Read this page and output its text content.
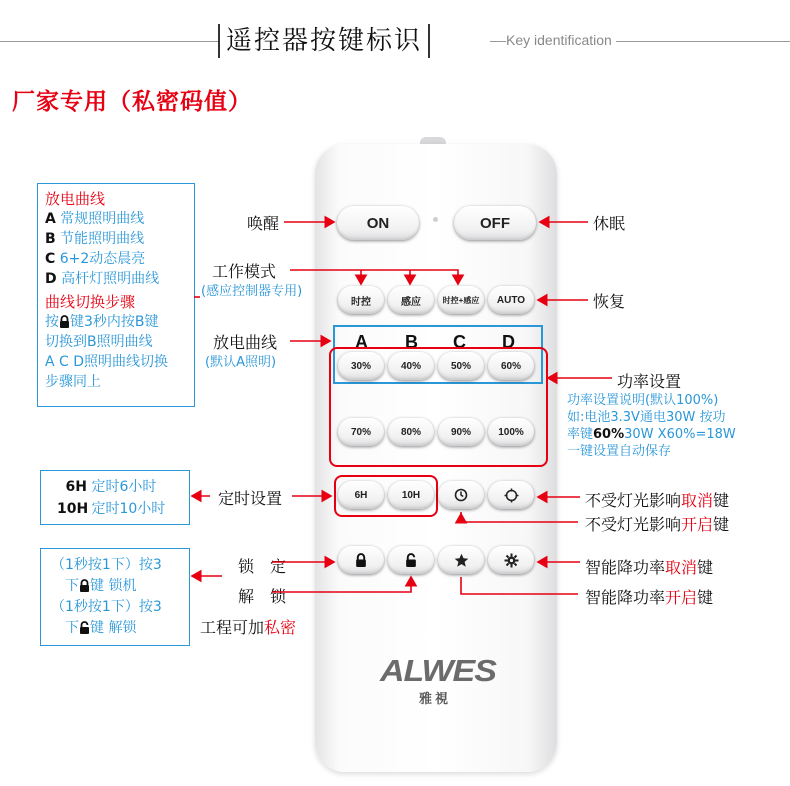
遥控器按键标识	Key identification
厂家专用（私密码值）
放电曲线
A 常规照明曲线
B 节能照明曲线
C 6+2动态晨亮
D 高杆灯照明曲线
曲线切换步骤
按 键3秒内按B键
切换到B照明曲线
A C D照明曲线切换
步骤同上
6H 定时6小时
10H 定时10小时
（1秒按1下）按3
下 键 锁机
（1秒按1下）按3
下 键 解锁
ON	OFF
时控	感应	时控+感应	AUTO
A B C D
30%	40%	50%	60%
70%	80%	90%	100%
6H	10H
ALWES
雅視
唤醒	休眠
工作模式
(感应控制器专用)
恢复
放电曲线
(默认A照明)
功率设置
功率设置说明(默认100%)
如:电池3.3V通电30W 按功
率键60%30W X60%=18W
一键设置自动保存
定时设置	不受灯光影响取消键
不受灯光影响开启键
锁　定
解　锁
工程可加私密
智能降功率取消键
智能降功率开启键
